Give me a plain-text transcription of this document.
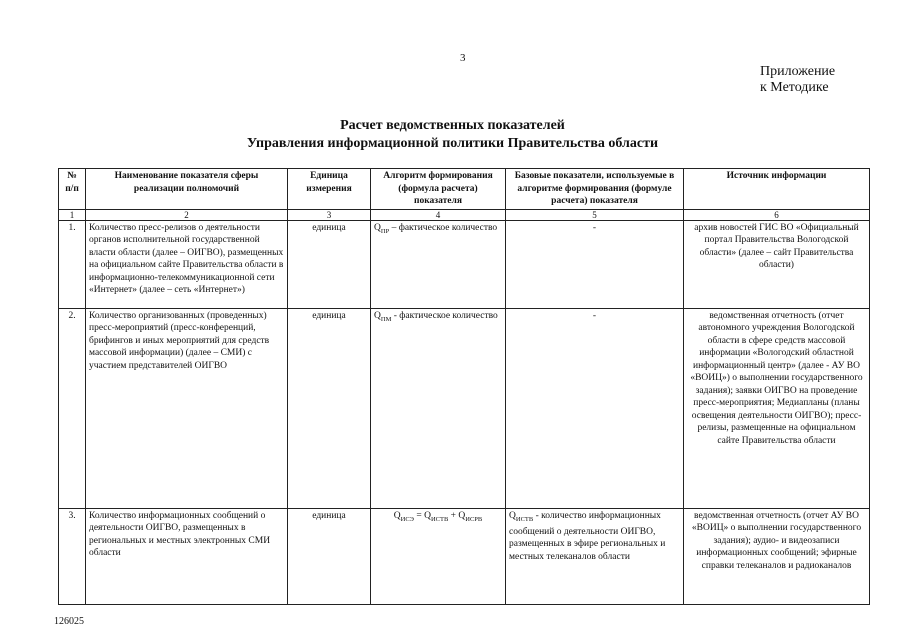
3
Приложение
к Методике
Расчет ведомственных показателей
Управления информационной политики Правительства области
№ п/п	Наименование показателя сферы реализации полномочий	Единица измерения	Алгоритм формирования (формула расчета) показателя	Базовые показатели, используемые в алгоритме формирования (формуле расчета) показателя	Источник информации
1	2	3	4	5	6
1.	Количество пресс-релизов о деятельности органов исполнительной государственной власти области (далее – ОИГВО), размещенных на официальном сайте Правительства области в информационно-телекоммуникационной сети «Интернет» (далее – сеть «Интернет»)	единица	$Q_{ПР}$ – фактическое количество	-	архив новостей ГИС ВО «Официальный портал Правительства Вологодской области» (далее – сайт Правительства области)
2.	Количество организованных (проведенных) пресс-мероприятий (пресс-конференций, брифингов и иных мероприятий для средств массовой информации) (далее – СМИ) с участием представителей ОИГВО	единица	$Q_{ПМ}$ - фактическое количество	-	ведомственная отчетность (отчет автономного учреждения Вологодской области в сфере средств массовой информации «Вологодский областной информационный центр» (далее - АУ ВО «ВОИЦ») о выполнении государственного задания); заявки ОИГВО на проведение пресс-мероприятия; Медиапланы (планы освещения деятельности ОИГВО); пресс-релизы, размещенные на официальном сайте Правительства области
3.	Количество информационных сообщений о деятельности ОИГВО, размещенных в региональных и местных электронных СМИ области	единица	$Q_{ИСЭ} = Q_{ИСТВ} + Q_{ИСРВ}$	$Q_{ИСТВ}$ - количество информационных сообщений о деятельности ОИГВО, размещенных в эфире региональных и местных телеканалов области	ведомственная отчетность (отчет АУ ВО «ВОИЦ» о выполнении государственного задания); аудио- и видеозаписи информационных сообщений; эфирные справки телеканалов и радиоканалов
126025
